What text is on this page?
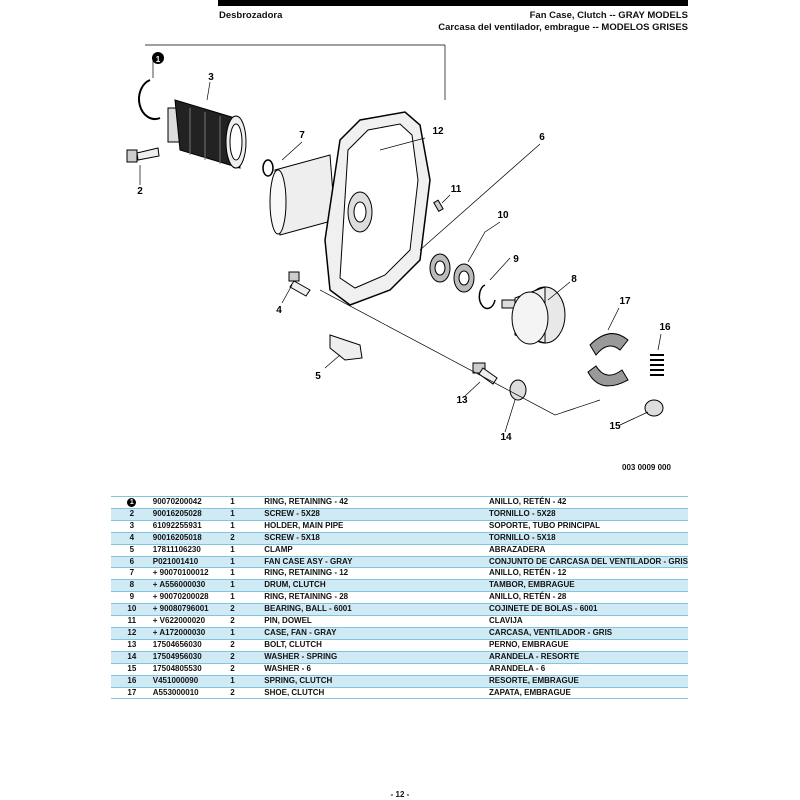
Desbrozadora	Fan Case, Clutch -- GRAY MODELS
Carcasa del ventilador, embrague -- MODELOS GRISES
1
2
3
4
5
6
7
8
9
10
11
12
13
14
15
16
17
003 0009 000
1	90070200042	1	RING, RETAINING - 42	ANILLO, RETÉN - 42
2	90016205028	1	SCREW - 5X28	TORNILLO - 5X28
3	61092255931	1	HOLDER, MAIN PIPE	SOPORTE, TUBO PRINCIPAL
4	90016205018	2	SCREW - 5X18	TORNILLO - 5X18
5	17811106230	1	CLAMP	ABRAZADERA
6	P021001410	1	FAN CASE ASY - GRAY	CONJUNTO DE CARCASA DEL VENTILADOR - GRIS
7	+ 90070100012	1	RING, RETAINING - 12	ANILLO, RETÉN - 12
8	+ A556000030	1	DRUM, CLUTCH	TAMBOR, EMBRAGUE
9	+ 90070200028	1	RING, RETAINING - 28	ANILLO, RETÉN - 28
10	+ 90080796001	2	BEARING, BALL - 6001	COJINETE DE BOLAS - 6001
11	+ V622000020	2	PIN, DOWEL	CLAVIJA
12	+ A172000030	1	CASE, FAN - GRAY	CARCASA, VENTILADOR - GRIS
13	17504656030	2	BOLT, CLUTCH	PERNO, EMBRAGUE
14	17504956030	2	WASHER - SPRING	ARANDELA - RESORTE
15	17504805530	2	WASHER - 6	ARANDELA - 6
16	V451000090	1	SPRING, CLUTCH	RESORTE, EMBRAGUE
17	A553000010	2	SHOE, CLUTCH	ZAPATA, EMBRAGUE
- 12 -
